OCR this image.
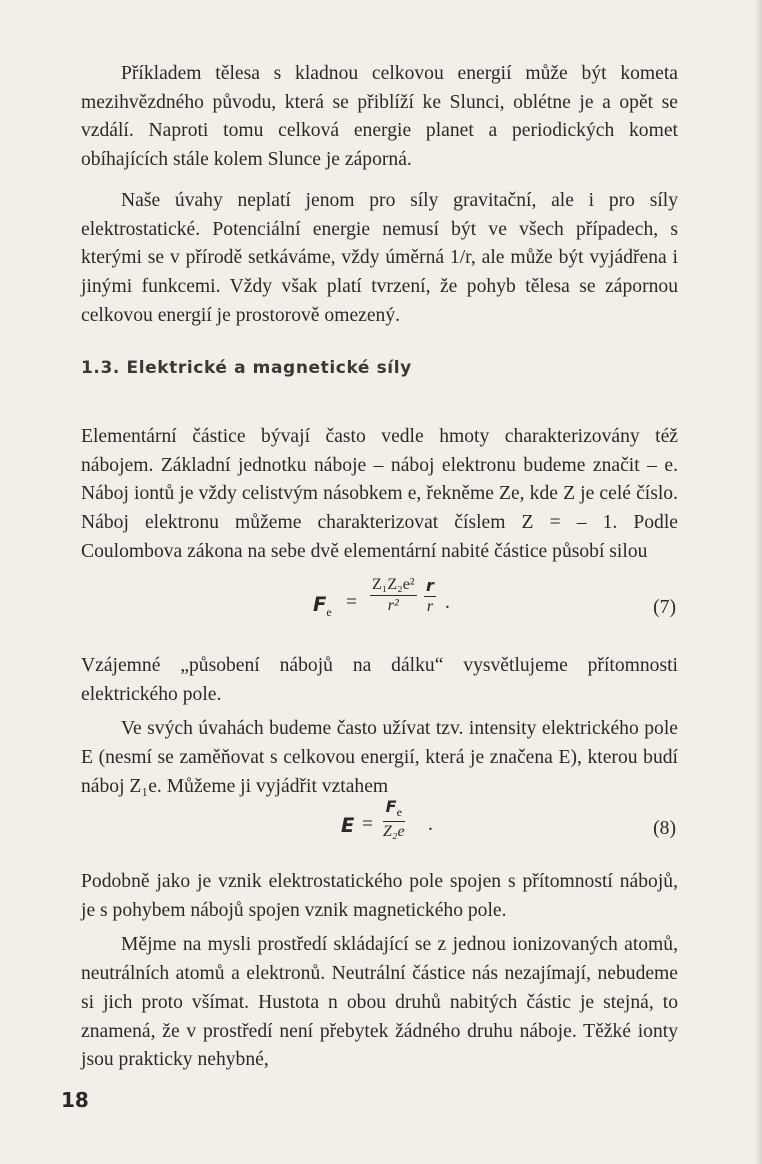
Příkladem tělesa s kladnou celkovou energií může být kometa mezihvězdného původu, která se přiblíží ke Slunci, oblétne je a opět se vzdálí. Naproti tomu celková energie planet a periodických komet obíhajících stále kolem Slunce je záporná.

Naše úvahy neplatí jenom pro síly gravitační, ale i pro síly elektrostatické. Potenciální energie nemusí být ve všech případech, s kterými se v přírodě setkáváme, vždy úměrná 1/r, ale může být vyjádřena i jinými funkcemi. Vždy však platí tvrzení, že pohyb tělesa se zápornou celkovou energií je prostorově omezený.

1.3. Elektrické a magnetické síly

Elementární částice bývají často vedle hmoty charakterizovány též nábojem. Základní jednotku náboje – náboj elektronu budeme značit – e. Náboj iontů je vždy celistvým násobkem e, řekněme Ze, kde Z je celé číslo. Náboj elektronu můžeme charakterizovat číslem Z = – 1. Podle Coulombova zákona na sebe dvě elementární nabité částice působí silou

$F_e = \frac{\text{Z₁Z₂e²}}{\text{r²}} \frac{r}{r}$ .	(7)

Vzájemné „působení nábojů na dálku“ vysvětlujeme přítomnosti elektrického pole.

Ve svých úvahách budeme často užívat tzv. intensity elektrického pole E (nesmí se zaměňovat s celkovou energií, která je značena E), kterou budí náboj Z₁e. Můžeme ji vyjádřit vztahem

$E = \frac{F_e}{\text{Z₂e}}$ .	(8)

Podobně jako je vznik elektrostatického pole spojen s přítomností nábojů, je s pohybem nábojů spojen vznik magnetického pole.

Mějme na mysli prostředí skládající se z jednou ionizovaných atomů, neutrálních atomů a elektronů. Neutrální částice nás nezajímají, nebudeme si jich proto všímat. Hustota n obou druhů nabitých částic je stejná, to znamená, že v prostředí není přebytek žádného druhu náboje. Těžké ionty jsou prakticky nehybné,

18
